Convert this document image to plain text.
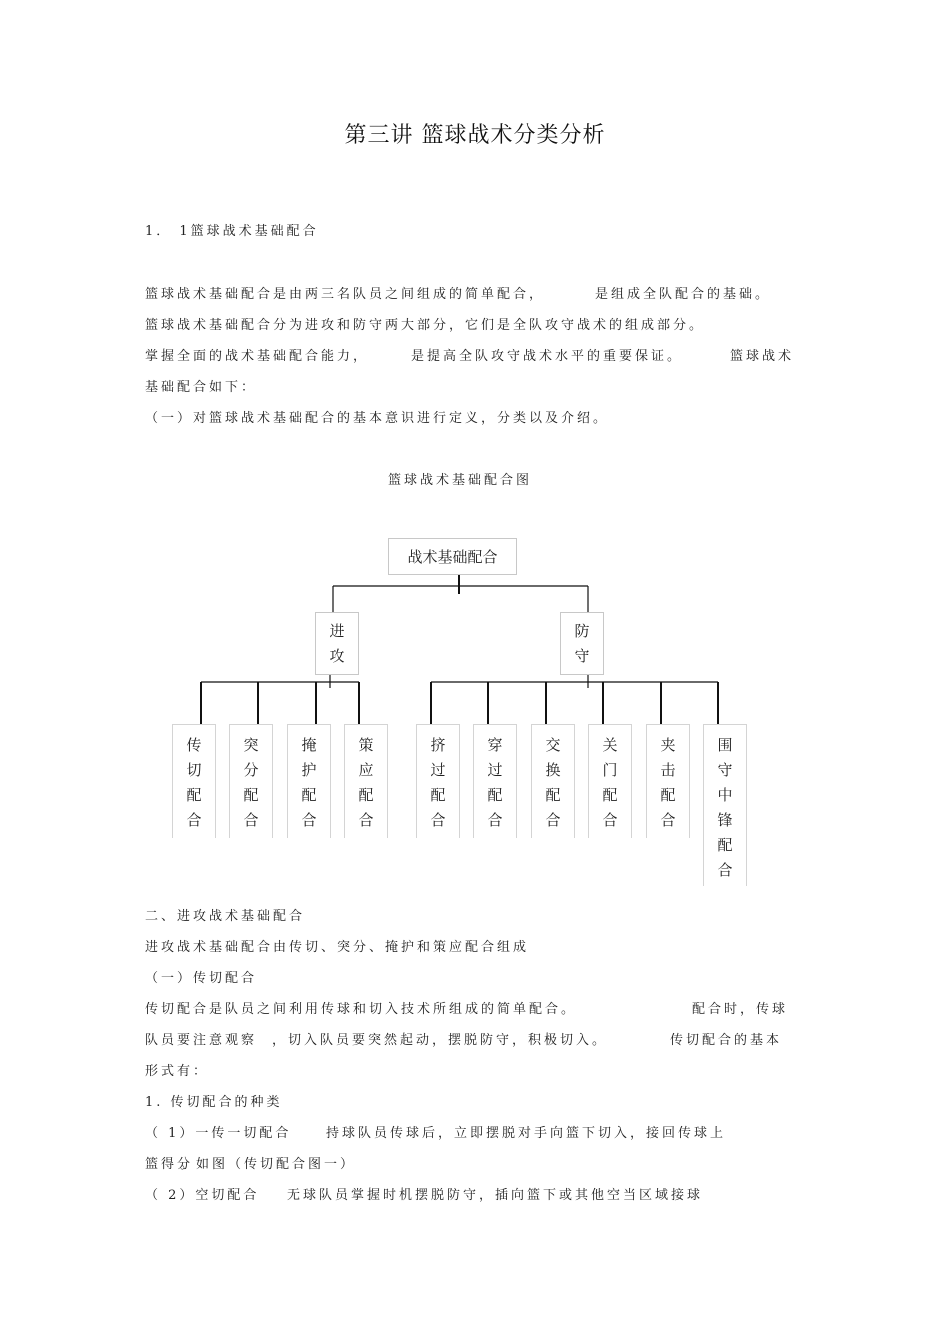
第三讲 篮球战术分类分析
1． 1篮球战术基础配合
篮球战术基础配合是由两三名队员之间组成的简单配合，	是组成全队配合的基础。
篮球战术基础配合分为进攻和防守两大部分，它们是全队攻守战术的组成部分。
掌握全面的战术基础配合能力，	是提高全队攻守战术水平的重要保证。	篮球战术
基础配合如下：
（一）对篮球战术基础配合的基本意识进行定义，分类以及介绍。
篮球战术基础配合图
战术基础配合
进攻
防守
传切配合
突分配合
掩护配合
策应配合
挤过配合
穿过配合
交换配合
关门配合
夹击配合
围守中锋配合
二、进攻战术基础配合
进攻战术基础配合由传切、突分、掩护和策应配合组成
（一）传切配合
传切配合是队员之间利用传球和切入技术所组成的简单配合。	配合时，传球
队员要注意观察 ，切入队员要突然起动，摆脱防守，积极切入。	传切配合的基本
形式有：
1. 传切配合的种类
（ 1）一传一切配合	持球队员传球后，立即摆脱对手向篮下切入，接回传球上
篮得分
。如图（传切配合图一）
（ 2）空切配合 无球队员掌握时机摆脱防守，插向篮下或其他空当区域接球
